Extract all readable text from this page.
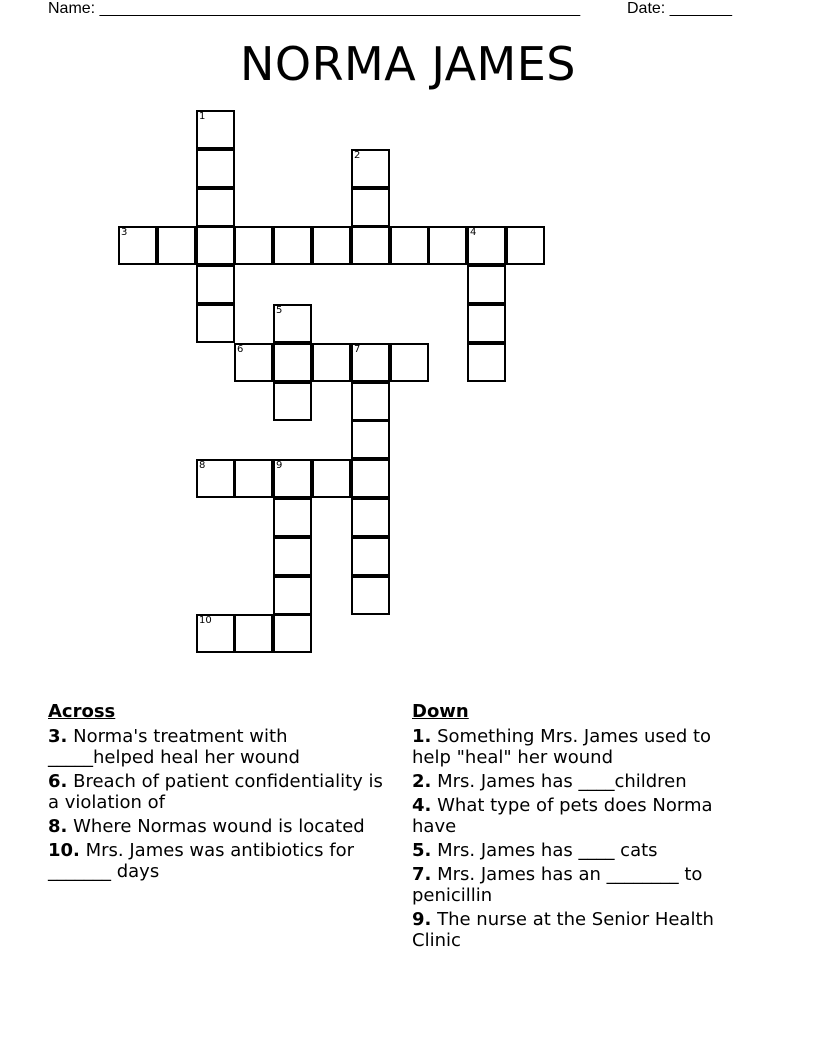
Name: ______________________________________________________	Date: _______
NORMA JAMES
1
2
3	4
5
6	7
8	9
10
Across
3. Norma's treatment with _____helped heal her wound
6. Breach of patient confidentiality is a violation of
8. Where Normas wound is located
10. Mrs. James was antibiotics for _______ days
Down
1. Something Mrs. James used to help "heal" her wound
2. Mrs. James has ____children
4. What type of pets does Norma have
5. Mrs. James has ____ cats
7. Mrs. James has an ________ to penicillin
9. The nurse at the Senior Health Clinic
